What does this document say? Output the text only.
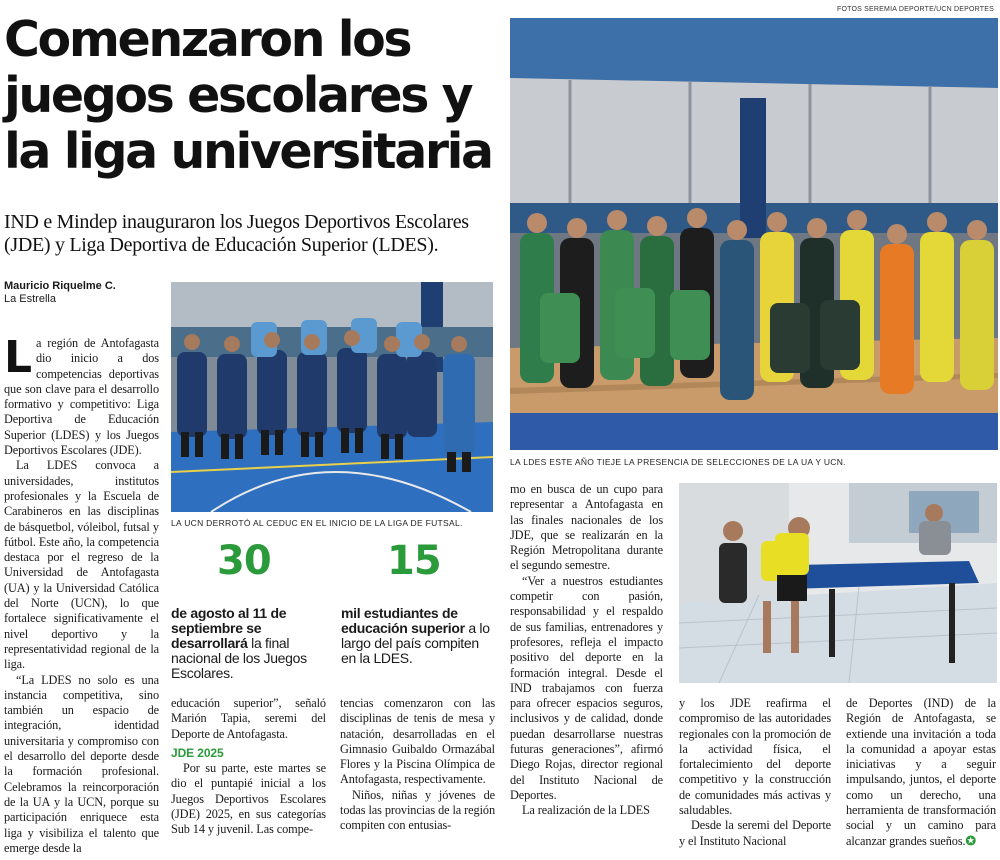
FOTOS SEREMIA DEPORTE/UCN DEPORTES
Comenzaron los
juegos escolares y
la liga universitaria

IND e Mindep inauguraron los Juegos Deportivos Escolares (JDE) y Liga Deportiva de Educación Superior (LDES).

Mauricio Riquelme C.
La Estrella
LA LDES ESTE AÑO TIEJE LA PRESENCIA DE SELECCIONES DE LA UA Y UCN.
LA UCN DERROTÓ AL CEDUC EN EL INICIO DE LA LIGA DE FUTSAL.
30
de agosto al 11 de septiembre se desarrollará la final nacional de los Juegos Escolares.
15
mil estudiantes de educación superior a lo largo del país compiten en la LDES.

La región de Antofagasta dio inicio a dos competencias deportivas que son clave para el desarrollo formativo y competitivo: Liga Deportiva de Educación Superior (LDES) y los Juegos Deportivos Escolares (JDE).

La LDES convoca a universidades, institutos profesionales y la Escuela de Carabineros en las disciplinas de básquetbol, vóleibol, futsal y fútbol. Este año, la competencia destaca por el regreso de la Universidad de Antofagasta (UA) y la Universidad Católica del Norte (UCN), lo que fortalece significativamente el nivel deportivo y la representatividad regional de la liga.

“La LDES no solo es una instancia competitiva, sino también un espacio de integración, identidad universitaria y compromiso con el desarrollo del deporte desde la formación profesional. Celebramos la reincorporación de la UA y la UCN, porque su participación enriquece esta liga y visibiliza el talento que emerge desde la

educación superior”, señaló Marión Tapia, seremi del Deporte de Antofagasta.

JDE 2025

Por su parte, este martes se dio el puntapié inicial a los Juegos Deportivos Escolares (JDE) 2025, en sus categorías Sub 14 y juvenil. Las compe-

tencias comenzaron con las disciplinas de tenis de mesa y natación, desarrolladas en el Gimnasio Guibaldo Ormazábal Flores y la Piscina Olímpica de Antofagasta, respectivamente.

Niños, niñas y jóvenes de todas las provincias de la región compiten con entusias-

mo en busca de un cupo para representar a Antofagasta en las finales nacionales de los JDE, que se realizarán en la Región Metropolitana durante el segundo semestre.

“Ver a nuestros estudiantes competir con pasión, responsabilidad y el respaldo de sus familias, entrenadores y profesores, refleja el impacto positivo del deporte en la formación integral. Desde el IND trabajamos con fuerza para ofrecer espacios seguros, inclusivos y de calidad, donde puedan desarrollarse nuestras futuras generaciones”, afirmó Diego Rojas, director regional del Instituto Nacional de Deportes.

La realización de la LDES

y los JDE reafirma el compromiso de las autoridades regionales con la promoción de la actividad física, el fortalecimiento del deporte competitivo y la construcción de comunidades más activas y saludables.

Desde la seremi del Deporte y el Instituto Nacional

de Deportes (IND) de la Región de Antofagasta, se extiende una invitación a toda la comunidad a apoyar estas iniciativas y a seguir impulsando, juntos, el deporte como un derecho, una herramienta de transformación social y un camino para alcanzar grandes sueños.✪
